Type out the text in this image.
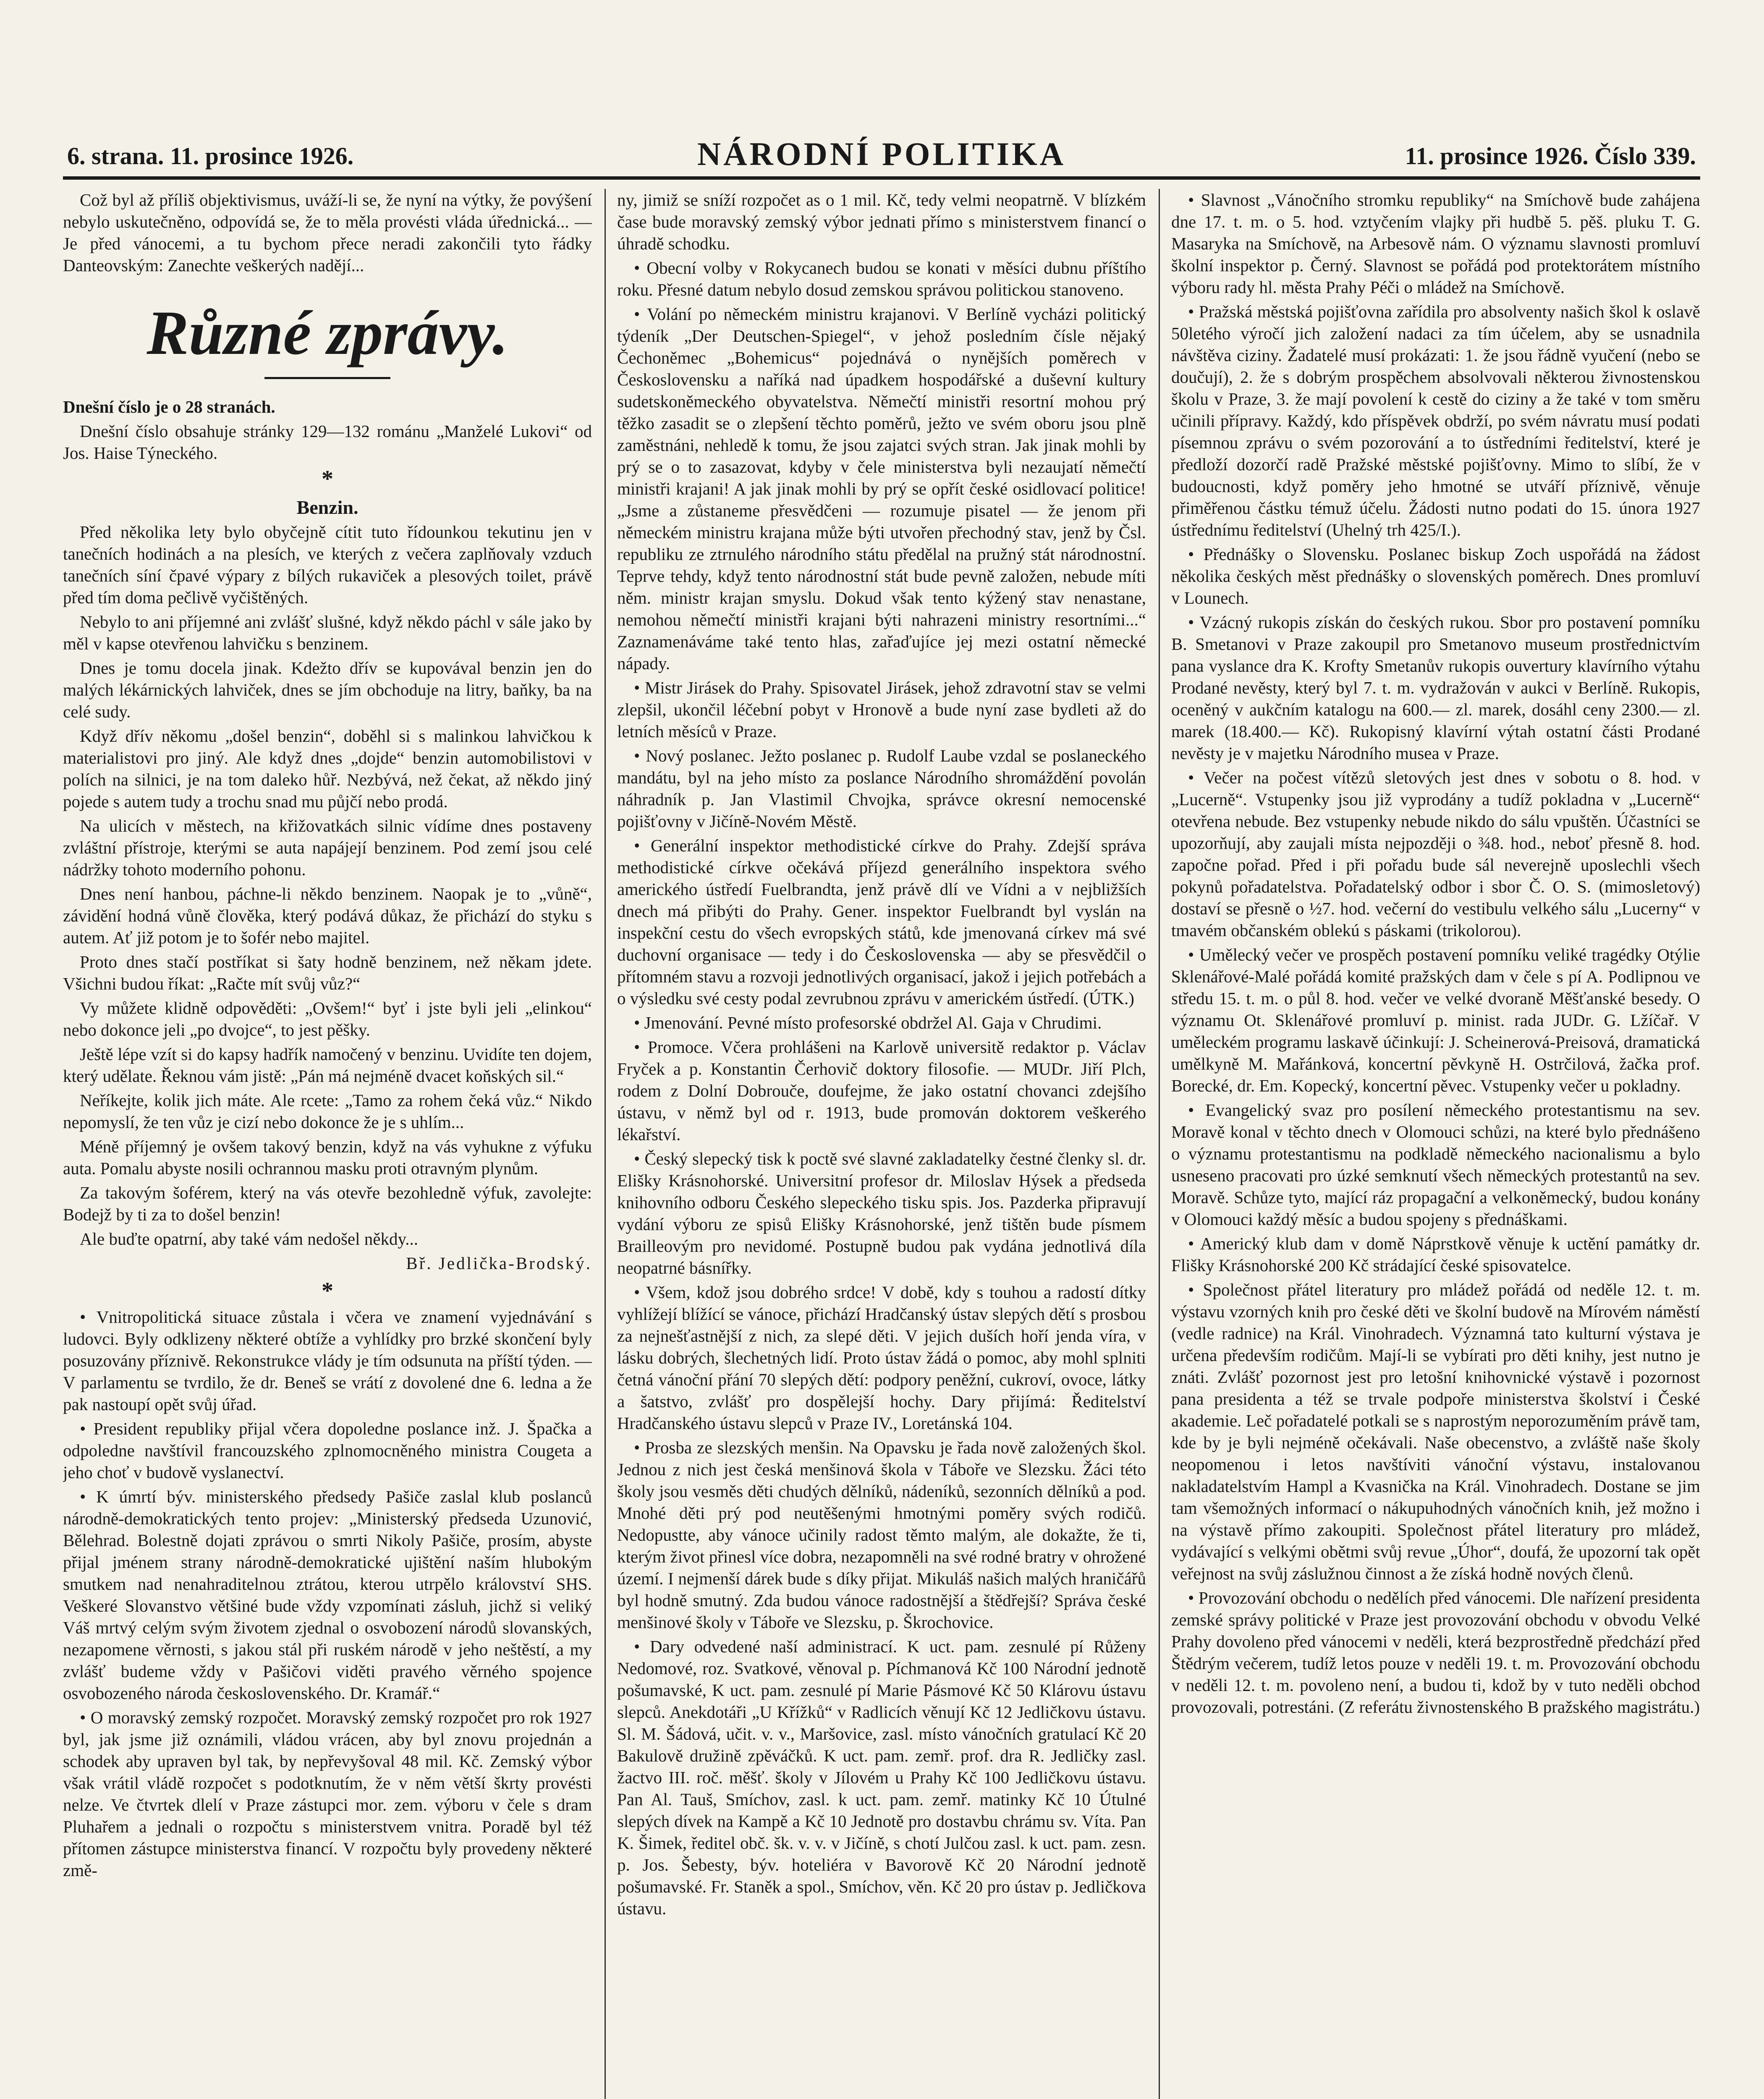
6. strana. 11. prosince 1926.	NÁRODNÍ POLITIKA	11. prosince 1926. Číslo 339.

Což byl až příliš objektivismus, uváží-li se, že nyní na výtky, že povýšení nebylo uskutečněno, odpovídá se, že to měla provésti vláda úřednická... — Je před vánocemi, a tu bychom přece neradi zakončili tyto řádky Danteovským: Zanechte veškerých nadějí...

Různé zprávy.

Dnešní číslo je o 28 stranách.

Dnešní číslo obsahuje stránky 129—132 románu „Manželé Lukovi“ od Jos. Haise Týneckého.

*
Benzin.

Před několika lety bylo obyčejně cítit tuto řídounkou tekutinu jen v tanečních hodinách a na plesích, ve kterých z večera zaplňovaly vzduch tanečních síní čpavé výpary z bílých rukaviček a plesových toilet, právě před tím doma pečlivě vyčištěných.

Nebylo to ani příjemné ani zvlášť slušné, když někdo páchl v sále jako by měl v kapse otevřenou lahvičku s benzinem.

Dnes je tomu docela jinak. Kdežto dřív se kupovával benzin jen do malých lékárnických lahviček, dnes se jím obchoduje na litry, baňky, ba na celé sudy.

Když dřív někomu „došel benzin“, doběhl si s malinkou lahvičkou k materialistovi pro jiný. Ale když dnes „dojde“ benzin automobilistovi v polích na silnici, je na tom daleko hůř. Nezbývá, než čekat, až někdo jiný pojede s autem tudy a trochu snad mu půjčí nebo prodá.

Na ulicích v městech, na křižovatkách silnic vídíme dnes postaveny zvláštní přístroje, kterými se auta napájejí benzinem. Pod zemí jsou celé nádržky tohoto moderního pohonu.

Dnes není hanbou, páchne-li někdo benzinem. Naopak je to „vůně“, závidění hodná vůně člověka, který podává důkaz, že přichází do styku s autem. Ať již potom je to šofér nebo majitel.

Proto dnes stačí postříkat si šaty hodně benzinem, než někam jdete. Všichni budou říkat: „Račte mít svůj vůz?“

Vy můžete klidně odpověděti: „Ovšem!“ byť i jste byli jeli „elinkou“ nebo dokonce jeli „po dvojce“, to jest pěšky.

Ještě lépe vzít si do kapsy hadřík namočený v benzinu. Uvidíte ten dojem, který udělate. Řeknou vám jistě: „Pán má nejméně dvacet koňských sil.“

Neříkejte, kolik jich máte. Ale rcete: „Tamo za rohem čeká vůz.“ Nikdo nepomyslí, že ten vůz je cizí nebo dokonce že je s uhlím...

Méně příjemný je ovšem takový benzin, když na vás vyhukne z výfuku auta. Pomalu abyste nosili ochrannou masku proti otravným plynům.

Za takovým šoférem, který na vás otevře bezohledně výfuk, zavolejte: Bodejž by ti za to došel benzin!

Ale buďte opatrní, aby také vám nedošel někdy...

Bř. Jedlička-Brodský.

*

• Vnitropolitická situace zůstala i včera ve znamení vyjednávání s ludovci. Byly odklizeny některé obtíže a vyhlídky pro brzké skončení byly posuzovány příznivě. Rekonstrukce vlády je tím odsunuta na příští týden. — V parlamentu se tvrdilo, že dr. Beneš se vrátí z dovolené dne 6. ledna a že pak nastoupí opět svůj úřad.

• President republiky přijal včera dopoledne poslance inž. J. Špačka a odpoledne navštívil francouzského zplnomocněného ministra Cougeta a jeho choť v budově vyslanectví.

• K úmrtí býv. ministerského předsedy Pašiče zaslal klub poslanců národně-demokratických tento projev: „Ministerský předseda Uzunović, Bělehrad. Bolestně dojati zprávou o smrti Nikoly Pašiče, prosím, abyste přijal jménem strany národně-demokratické ujištění naším hlubokým smutkem nad nenahraditelnou ztrátou, kterou utrpělo království SHS. Veškeré Slovanstvo většiné bude vždy vzpomínati zásluh, jichž si veliký Váš mrtvý celým svým životem zjednal o osvobození národů slovanských, nezapomene věrnosti, s jakou stál při ruském národě v jeho neštěstí, a my zvlášť budeme vždy v Pašičovi viděti pravého věrného spojence osvobozeného národa československého. Dr. Kramář.“

• O moravský zemský rozpočet. Moravský zemský rozpočet pro rok 1927 byl, jak jsme již oznámili, vládou vrácen, aby byl znovu projednán a schodek aby upraven byl tak, by nepřevyšoval 48 mil. Kč. Zemský výbor však vrátil vládě rozpočet s podotknutím, že v něm větší škrty provésti nelze. Ve čtvrtek dlelí v Praze zástupci mor. zem. výboru v čele s dram Pluhařem a jednali o rozpočtu s ministerstvem vnitra. Poradě byl též přítomen zástupce ministerstva financí. V rozpočtu byly provedeny některé změ-

ny, jimiž se sníží rozpočet as o 1 mil. Kč, tedy velmi neopatrně. V blízkém čase bude moravský zemský výbor jednati přímo s ministerstvem financí o úhradě schodku.

• Obecní volby v Rokycanech budou se konati v měsíci dubnu příštího roku. Přesné datum nebylo dosud zemskou správou politickou stanoveno.

• Volání po německém ministru krajanovi. V Berlíně vycházi politický týdeník „Der Deutschen-Spiegel“, v jehož posledním čísle nějaký Čechoněmec „Bohemicus“ pojednává o nynějších poměrech v Československu a naříká nad úpadkem hospodářské a duševní kultury sudetskoněmeckého obyvatelstva. Němečtí ministři resortní mohou prý těžko zasadit se o zlepšení těchto poměrů, ježto ve svém oboru jsou plně zaměstnáni, nehledě k tomu, že jsou zajatci svých stran. Jak jinak mohli by prý se o to zasazovat, kdyby v čele ministerstva byli nezaujatí němečtí ministři krajani! A jak jinak mohli by prý se opřít české osidlovací politice! „Jsme a zůstaneme přesvědčeni — rozumuje pisatel — že jenom při německém ministru krajana může býti utvořen přechodný stav, jenž by Čsl. republiku ze ztrnulého národního státu předělal na pružný stát národnostní. Teprve tehdy, když tento národnostní stát bude pevně založen, nebude míti něm. ministr krajan smyslu. Dokud však tento kýžený stav nenastane, nemohou němečtí ministři krajani býti nahrazeni ministry resortními...“ Zaznamenáváme také tento hlas, zařaďujíce jej mezi ostatní německé nápady.

• Mistr Jirásek do Prahy. Spisovatel Jirásek, jehož zdravotní stav se velmi zlepšil, ukončil léčební pobyt v Hronově a bude nyní zase bydleti až do letních měsíců v Praze.

• Nový poslanec. Ježto poslanec p. Rudolf Laube vzdal se poslaneckého mandátu, byl na jeho místo za poslance Národního shromáždění povolán náhradník p. Jan Vlastimil Chvojka, správce okresní nemocenské pojišťovny v Jičíně-Novém Městě.

• Generální inspektor methodistické církve do Prahy. Zdejší správa methodistické církve očekává příjezd generálního inspektora svého amerického ústředí Fuelbrandta, jenž právě dlí ve Vídni a v nejbližších dnech má přibýti do Prahy. Gener. inspektor Fuelbrandt byl vyslán na inspekční cestu do všech evropských států, kde jmenovaná církev má své duchovní organisace — tedy i do Československa — aby se přesvědčil o přítomném stavu a rozvoji jednotlivých organisací, jakož i jejich potřebách a o výsledku své cesty podal zevrubnou zprávu v americkém ústředí. (ÚTK.)

• Jmenování. Pevné místo profesorské obdržel Al. Gaja v Chrudimi.

• Promoce. Včera prohlášeni na Karlově universitě redaktor p. Václav Fryček a p. Konstantin Čerhovič doktory filosofie. — MUDr. Jiří Plch, rodem z Dolní Dobrouče, doufejme, že jako ostatní chovanci zdejšího ústavu, v němž byl od r. 1913, bude promován doktorem veškerého lékařství.

• Český slepecký tisk k poctě své slavné zakladatelky čestné členky sl. dr. Elišky Krásnohorské. Universitní profesor dr. Miloslav Hýsek a předseda knihovního odboru Českého slepeckého tisku spis. Jos. Pazderka připravují vydání výboru ze spisů Elišky Krásnohorské, jenž tištěn bude písmem Brailleovým pro nevidomé. Postupně budou pak vydána jednotlivá díla neopatrné básnířky.

• Všem, kdož jsou dobrého srdce! V době, kdy s touhou a radostí dítky vyhlížejí blížící se vánoce, přichází Hradčanský ústav slepých dětí s prosbou za nejnešťastnější z nich, za slepé děti. V jejich duších hoří jenda víra, v lásku dobrých, šlechetných lidí. Proto ústav žádá o pomoc, aby mohl splniti četná vánoční přání 70 slepých dětí: podpory peněžní, cukroví, ovoce, látky a šatstvo, zvlášť pro dospělejší hochy. Dary přijímá: Ředitelství Hradčanského ústavu slepců v Praze IV., Loretánská 104.

• Prosba ze slezských menšin. Na Opavsku je řada nově založených škol. Jednou z nich jest česká menšinová škola v Táboře ve Slezsku. Žáci této školy jsou vesměs děti chudých dělníků, nádeníků, sezonních dělníků a pod. Mnohé děti prý pod neutěšenými hmotnými poměry svých rodičů. Nedopustte, aby vánoce učinily radost těmto malým, ale dokažte, že ti, kterým život přinesl více dobra, nezapomněli na své rodné bratry v ohrožené území. I nejmenší dárek bude s díky přijat. Mikuláš našich malých hraničářů byl hodně smutný. Zda budou vánoce radostnější a štědřejší? Správa české menšinové školy v Táboře ve Slezsku, p. Škrochovice.

• Dary odvedené naší administrací. K uct. pam. zesnulé pí Růženy Nedomové, roz. Svatkové, věnoval p. Píchmanová Kč 100 Národní jednotě pošumavské, K uct. pam. zesnulé pí Marie Pásmové Kč 50 Klárovu ústavu slepců. Anekdotáři „U Křížků“ v Radlicích věnují Kč 12 Jedličkovu ústavu. Sl. M. Šádová, učit. v. v., Maršovice, zasl. místo vánočních gratulací Kč 20 Bakulově družině zpěváčků. K uct. pam. zemř. prof. dra R. Jedličky zasl. žactvo III. roč. měšť. školy v Jílovém u Prahy Kč 100 Jedličkovu ústavu. Pan Al. Tauš, Smíchov, zasl. k uct. pam. zemř. matinky Kč 10 Útulné slepých dívek na Kampě a Kč 10 Jednotě pro dostavbu chrámu sv. Víta. Pan K. Šimek, ředitel obč. šk. v. v. v Jičíně, s chotí Julčou zasl. k uct. pam. zesn. p. Jos. Šebesty, býv. hoteliéra v Bavorově Kč 20 Národní jednotě pošumavské. Fr. Staněk a spol., Smíchov, věn. Kč 20 pro ústav p. Jedličkova ústavu.

• Slavnost „Vánočního stromku republiky“ na Smíchově bude zahájena dne 17. t. m. o 5. hod. vztyčením vlajky při hudbě 5. pěš. pluku T. G. Masaryka na Smíchově, na Arbesově nám. O významu slavnosti promluví školní inspektor p. Černý. Slavnost se pořádá pod protektorátem místního výboru rady hl. města Prahy Péči o mládež na Smíchově.

• Pražská městská pojišťovna zařídila pro absolventy našich škol k oslavě 50letého výročí jich založení nadaci za tím účelem, aby se usnadnila návštěva ciziny. Žadatelé musí prokázati: 1. že jsou řádně vyučení (nebo se doučují), 2. že s dobrým prospěchem absolvovali některou živnostenskou školu v Praze, 3. že mají povolení k cestě do ciziny a že také v tom směru učinili přípravy. Každý, kdo příspěvek obdrží, po svém návratu musí podati písemnou zprávu o svém pozorování a to ústředními ředitelství, které je předloží dozorčí radě Pražské městské pojišťovny. Mimo to slíbí, že v budoucnosti, když poměry jeho hmotné se utváří příznivě, věnuje přiměřenou částku témuž účelu. Žádosti nutno podati do 15. února 1927 ústřednímu ředitelství (Uhelný trh 425/I.).

• Přednášky o Slovensku. Poslanec biskup Zoch uspořádá na žádost několika českých měst přednášky o slovenských poměrech. Dnes promluví v Lounech.

• Vzácný rukopis získán do českých rukou. Sbor pro postavení pomníku B. Smetanovi v Praze zakoupil pro Smetanovo museum prostřednictvím pana vyslance dra K. Krofty Smetanův rukopis ouvertury klavírního výtahu Prodané nevěsty, který byl 7. t. m. vydražován v aukci v Berlíně. Rukopis, oceněný v aukčním katalogu na 600.— zl. marek, dosáhl ceny 2300.— zl. marek (18.400.— Kč). Rukopisný klavírní výtah ostatní části Prodané nevěsty je v majetku Národního musea v Praze.

• Večer na počest vítězů sletových jest dnes v sobotu o 8. hod. v „Lucerně“. Vstupenky jsou již vyprodány a tudíž pokladna v „Lucerně“ otevřena nebude. Bez vstupenky nebude nikdo do sálu vpuštěn. Účastníci se upozorňují, aby zaujali místa nejpozději o ¾8. hod., neboť přesně 8. hod. započne pořad. Před i při pořadu bude sál neverejně uposlechli všech pokynů pořadatelstva. Pořadatelský odbor i sbor Č. O. S. (mimosletový) dostaví se přesně o ½7. hod. večerní do vestibulu velkého sálu „Lucerny“ v tmavém občanském oblekú s páskami (trikolorou).

• Umělecký večer ve prospěch postavení pomníku veliké tragédky Otýlie Sklenářové-Malé pořádá komité pražských dam v čele s pí A. Podlipnou ve středu 15. t. m. o půl 8. hod. večer ve velké dvoraně Měšťanské besedy. O významu Ot. Sklenářové promluví p. minist. rada JUDr. G. Lžíčař. V uměleckém programu laskavě účinkují: J. Scheinerová-Preisová, dramatická umělkyně M. Mařánková, koncertní pěvkyně H. Ostrčilová, žačka prof. Borecké, dr. Em. Kopecký, koncertní pěvec. Vstupenky večer u pokladny.

• Evangelický svaz pro posílení německého protestantismu na sev. Moravě konal v těchto dnech v Olomouci schůzi, na které bylo přednášeno o významu protestantismu na podkladě německého nacionalismu a bylo usneseno pracovati pro úzké semknutí všech německých protestantů na sev. Moravě. Schůze tyto, mající ráz propagační a velkoněmecký, budou konány v Olomouci každý měsíc a budou spojeny s přednáškami.

• Americký klub dam v domě Náprstkově věnuje k uctění památky dr. Flišky Krásnohorské 200 Kč strádající české spisovatelce.

• Společnost přátel literatury pro mládež pořádá od neděle 12. t. m. výstavu vzorných knih pro české děti ve školní budově na Mírovém náměstí (vedle radnice) na Král. Vinohradech. Významná tato kulturní výstava je určena především rodičům. Mají-li se vybírati pro děti knihy, jest nutno je znáti. Zvlášť pozornost jest pro letošní knihovnické výstavě i pozornost pana presidenta a též se trvale podpoře ministerstva školství i České akademie. Leč pořadatelé potkali se s naprostým neporozuměním právě tam, kde by je byli nejméně očekávali. Naše obecenstvo, a zvláště naše školy neopomenou i letos navštíviti vánoční výstavu, instalovanou nakladatelstvím Hampl a Kvasnička na Král. Vinohradech. Dostane se jim tam všemožných informací o nákupuhodných vánočních knih, jež možno i na výstavě přímo zakoupiti. Společnost přátel literatury pro mládež, vydávající s velkými obětmi svůj revue „Úhor“, doufá, že upozorní tak opět veřejnost na svůj záslužnou činnost a že získá hodně nových členů.

• Provozování obchodu o nedělích před vánocemi. Dle nařízení presidenta zemské správy politické v Praze jest provozování obchodu v obvodu Velké Prahy dovoleno před vánocemi v neděli, která bezprostředně předchází před Štědrým večerem, tudíž letos pouze v neděli 19. t. m. Provozování obchodu v neděli 12. t. m. povoleno není, a budou ti, kdož by v tuto neděli obchod provozovali, potrestáni. (Z referátu živnostenského B pražského magistrátu.)
